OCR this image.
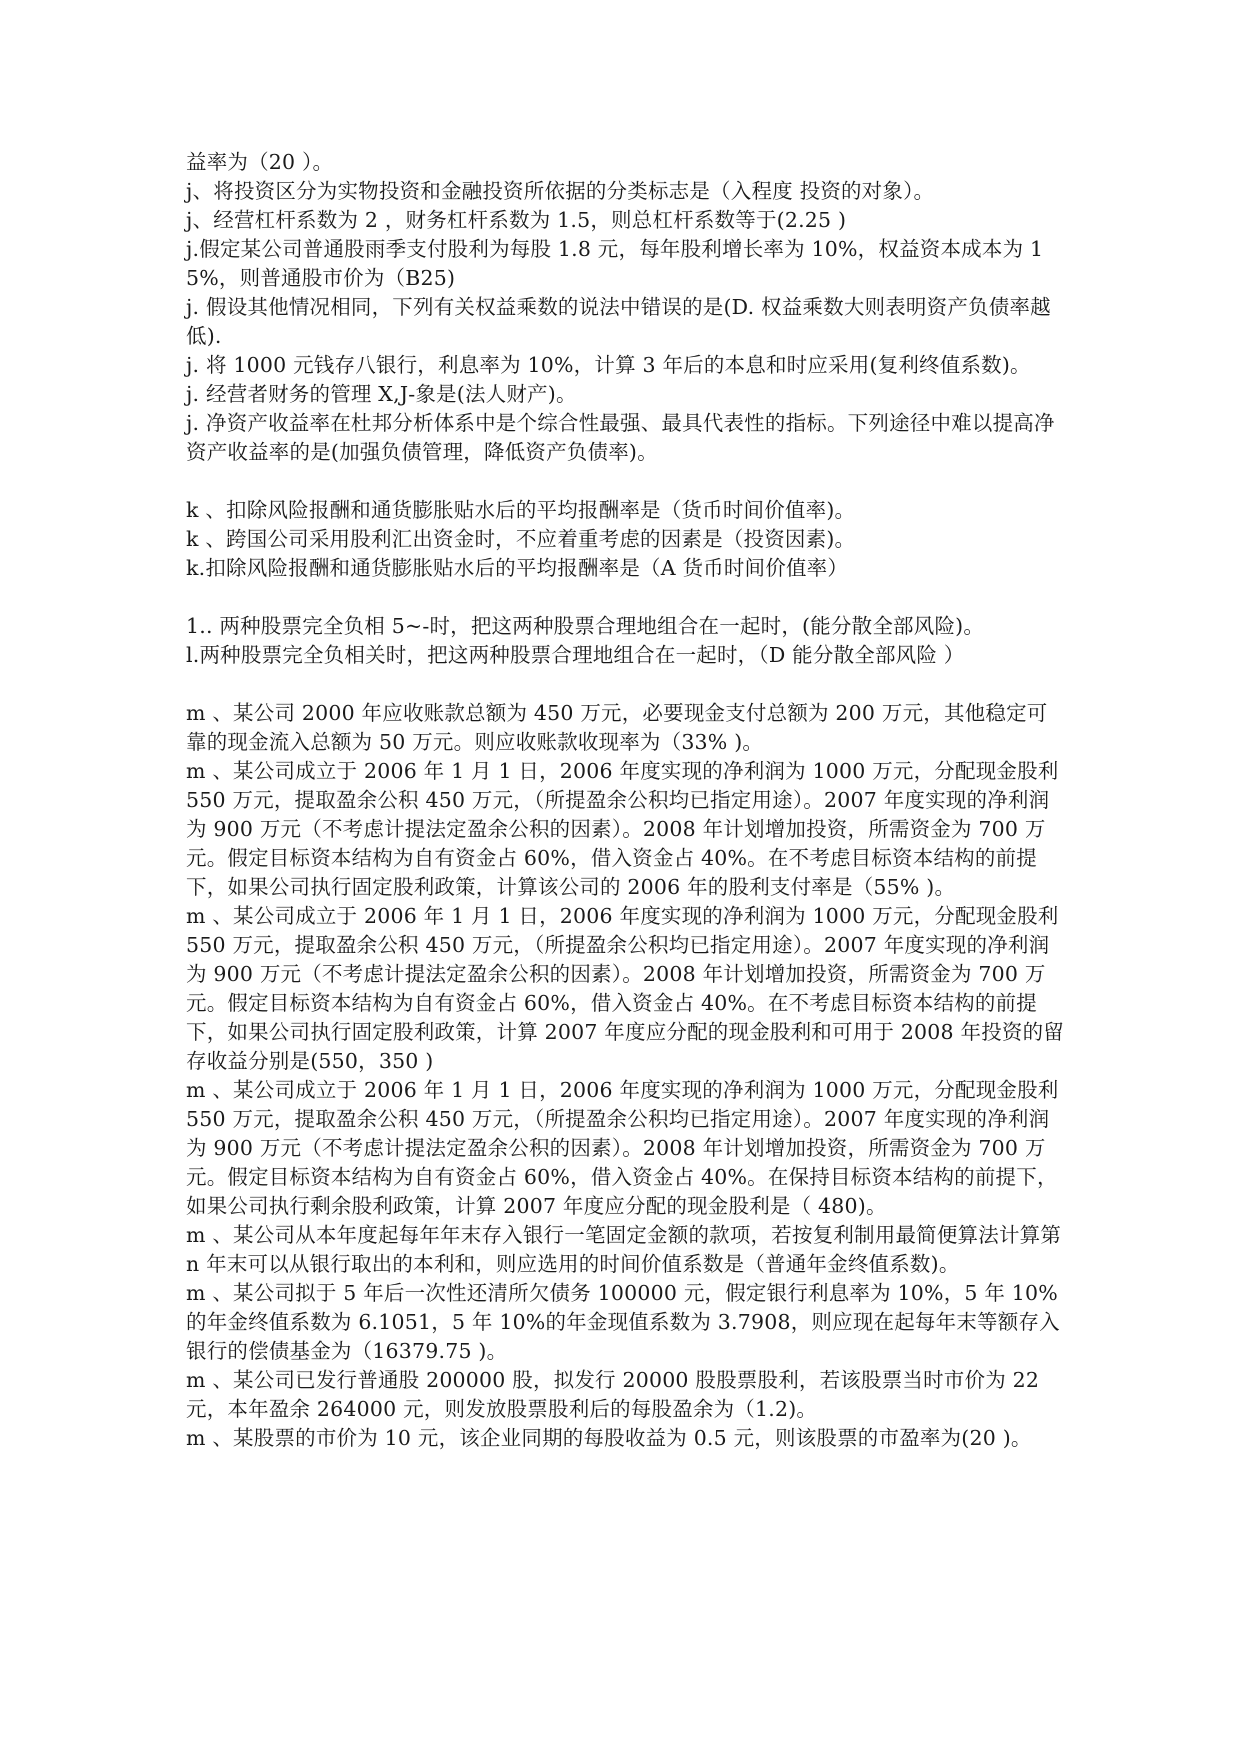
益率为（20 ）。

j、将投资区分为实物投资和金融投资所依据的分类标志是（入程度 投资的对象）。

j、经营杠杆系数为 2 ，财务杠杆系数为 1.5，则总杠杆系数等于(2.25 )

j.假定某公司普通股雨季支付股利为每股 1.8 元，每年股利增长率为 10%，权益资本成本为 15%，则普通股市价为（B25)

j. 假设其他情况相同，下列有关权益乘数的说法中错误的是(D. 权益乘数大则表明资产负债率越低).

j. 将 1000 元钱存八银行，利息率为 10%，计算 3 年后的本息和时应采用(复利终值系数)。

j. 经营者财务的管理 X,J-象是(法人财产)。

j. 净资产收益率在杜邦分析体系中是个综合性最强、最具代表性的指标。下列途径中难以提高净资产收益率的是(加强负债管理，降低资产负债率)。

k 、扣除风险报酬和通货膨胀贴水后的平均报酬率是（货币时间价值率)。

k 、跨国公司采用股利汇出资金时，不应着重考虑的因素是（投资因素)。

k.扣除风险报酬和通货膨胀贴水后的平均报酬率是（A 货币时间价值率）

1.. 两种股票完全负相 5~-时，把这两种股票合理地组合在一起时，(能分散全部风险)。

l.两种股票完全负相关时，把这两种股票合理地组合在一起时，（D 能分散全部风险 ）

m 、某公司 2000 年应收账款总额为 450 万元，必要现金支付总额为 200 万元，其他稳定可靠的现金流入总额为 50 万元。则应收账款收现率为（33% )。

m 、某公司成立于 2006 年 1 月 1 日，2006 年度实现的净利润为 1000 万元，分配现金股利 550 万元，提取盈余公积 450 万元，（所提盈余公积均已指定用途）。2007 年度实现的净利润为 900 万元（不考虑计提法定盈余公积的因素）。2008 年计划增加投资，所需资金为 700 万元。假定目标资本结构为自有资金占 60%，借入资金占 40%。在不考虑目标资本结构的前提下，如果公司执行固定股利政策，计算该公司的 2006 年的股利支付率是（55% )。

m 、某公司成立于 2006 年 1 月 1 日，2006 年度实现的净利润为 1000 万元，分配现金股利 550 万元，提取盈余公积 450 万元，（所提盈余公积均已指定用途）。2007 年度实现的净利润为 900 万元（不考虑计提法定盈余公积的因素）。2008 年计划增加投资，所需资金为 700 万元。假定目标资本结构为自有资金占 60%，借入资金占 40%。在不考虑目标资本结构的前提下，如果公司执行固定股利政策，计算 2007 年度应分配的现金股利和可用于 2008 年投资的留存收益分别是(550，350 )

m 、某公司成立于 2006 年 1 月 1 日，2006 年度实现的净利润为 1000 万元，分配现金股利 550 万元，提取盈余公积 450 万元，（所提盈余公积均已指定用途）。2007 年度实现的净利润为 900 万元（不考虑计提法定盈余公积的因素）。2008 年计划增加投资，所需资金为 700 万元。假定目标资本结构为自有资金占 60%，借入资金占 40%。在保持目标资本结构的前提下，如果公司执行剩余股利政策，计算 2007 年度应分配的现金股利是（ 480)。

m 、某公司从本年度起每年年末存入银行一笔固定金额的款项，若按复利制用最简便算法计算第 n 年末可以从银行取出的本利和，则应选用的时间价值系数是（普通年金终值系数)。

m 、某公司拟于 5 年后一次性还清所欠债务 100000 元，假定银行利息率为 10%，5 年 10%的年金终值系数为 6.1051，5 年 10%的年金现值系数为 3.7908，则应现在起每年末等额存入银行的偿债基金为（16379.75 )。

m 、某公司已发行普通股 200000 股，拟发行 20000 股股票股利，若该股票当时市价为 22 元，本年盈余 264000 元，则发放股票股利后的每股盈余为（1.2)。

m 、某股票的市价为 10 元，该企业同期的每股收益为 0.5 元，则该股票的市盈率为(20 )。
